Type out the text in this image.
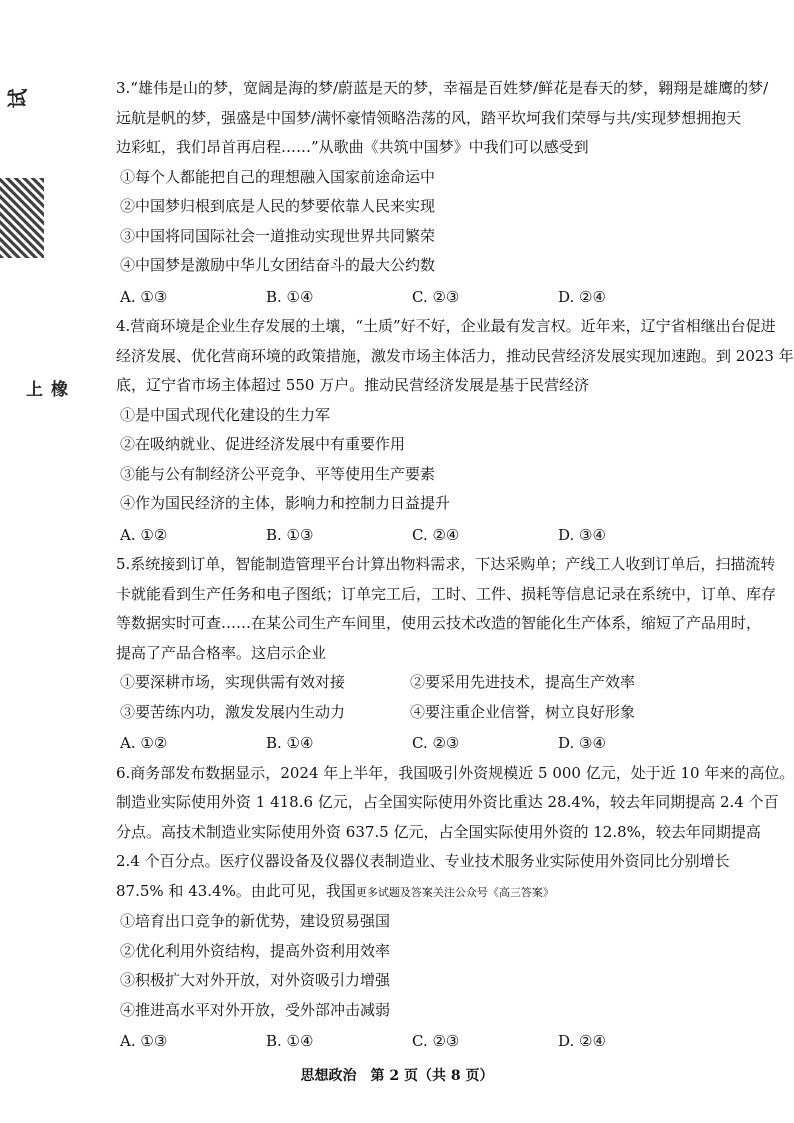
试
橡上
3.“雄伟是山的梦，宽阔是海的梦/蔚蓝是天的梦，幸福是百姓梦/鲜花是春天的梦，翱翔是雄鹰的梦/
远航是帆的梦，强盛是中国梦/满怀豪情领略浩荡的风，踏平坎坷我们荣辱与共/实现梦想拥抱天
边彩虹，我们昂首再启程……”从歌曲《共筑中国梦》中我们可以感受到
①每个人都能把自己的理想融入国家前途命运中
②中国梦归根到底是人民的梦要依靠人民来实现
③中国将同国际社会一道推动实现世界共同繁荣
④中国梦是激励中华儿女团结奋斗的最大公约数
A. ①③	B. ①④	C. ②③	D. ②④
4.营商环境是企业生存发展的土壤，“土质”好不好，企业最有发言权。近年来，辽宁省相继出台促进
经济发展、优化营商环境的政策措施，激发市场主体活力，推动民营经济发展实现加速跑。到 2023 年
底，辽宁省市场主体超过 550 万户。推动民营经济发展是基于民营经济
①是中国式现代化建设的生力军
②在吸纳就业、促进经济发展中有重要作用
③能与公有制经济公平竞争、平等使用生产要素
④作为国民经济的主体，影响力和控制力日益提升
A. ①②	B. ①③	C. ②④	D. ③④
5.系统接到订单，智能制造管理平台计算出物料需求，下达采购单；产线工人收到订单后，扫描流转
卡就能看到生产任务和电子图纸；订单完工后，工时、工件、损耗等信息记录在系统中，订单、库存
等数据实时可查……在某公司生产车间里，使用云技术改造的智能化生产体系，缩短了产品用时，
提高了产品合格率。这启示企业
①要深耕市场，实现供需有效对接	②要采用先进技术，提高生产效率
③要苦练内功，激发发展内生动力	④要注重企业信誉，树立良好形象
A. ①②	B. ①④	C. ②③	D. ③④
6.商务部发布数据显示，2024 年上半年，我国吸引外资规模近 5 000 亿元，处于近 10 年来的高位。
制造业实际使用外资 1 418.6 亿元，占全国实际使用外资比重达 28.4%，较去年同期提高 2.4 个百
分点。高技术制造业实际使用外资 637.5 亿元，占全国实际使用外资的 12.8%，较去年同期提高
2.4 个百分点。医疗仪器设备及仪器仪表制造业、专业技术服务业实际使用外资同比分别增长
87.5% 和 43.4%。由此可见，我国更多试题及答案关注公众号《高三答案》
①培育出口竞争的新优势，建设贸易强国
②优化利用外资结构，提高外资利用效率
③积极扩大对外开放，对外资吸引力增强
④推进高水平对外开放，受外部冲击减弱
A. ①③	B. ①④	C. ②③	D. ②④
思想政治　第 2 页（共 8 页）
